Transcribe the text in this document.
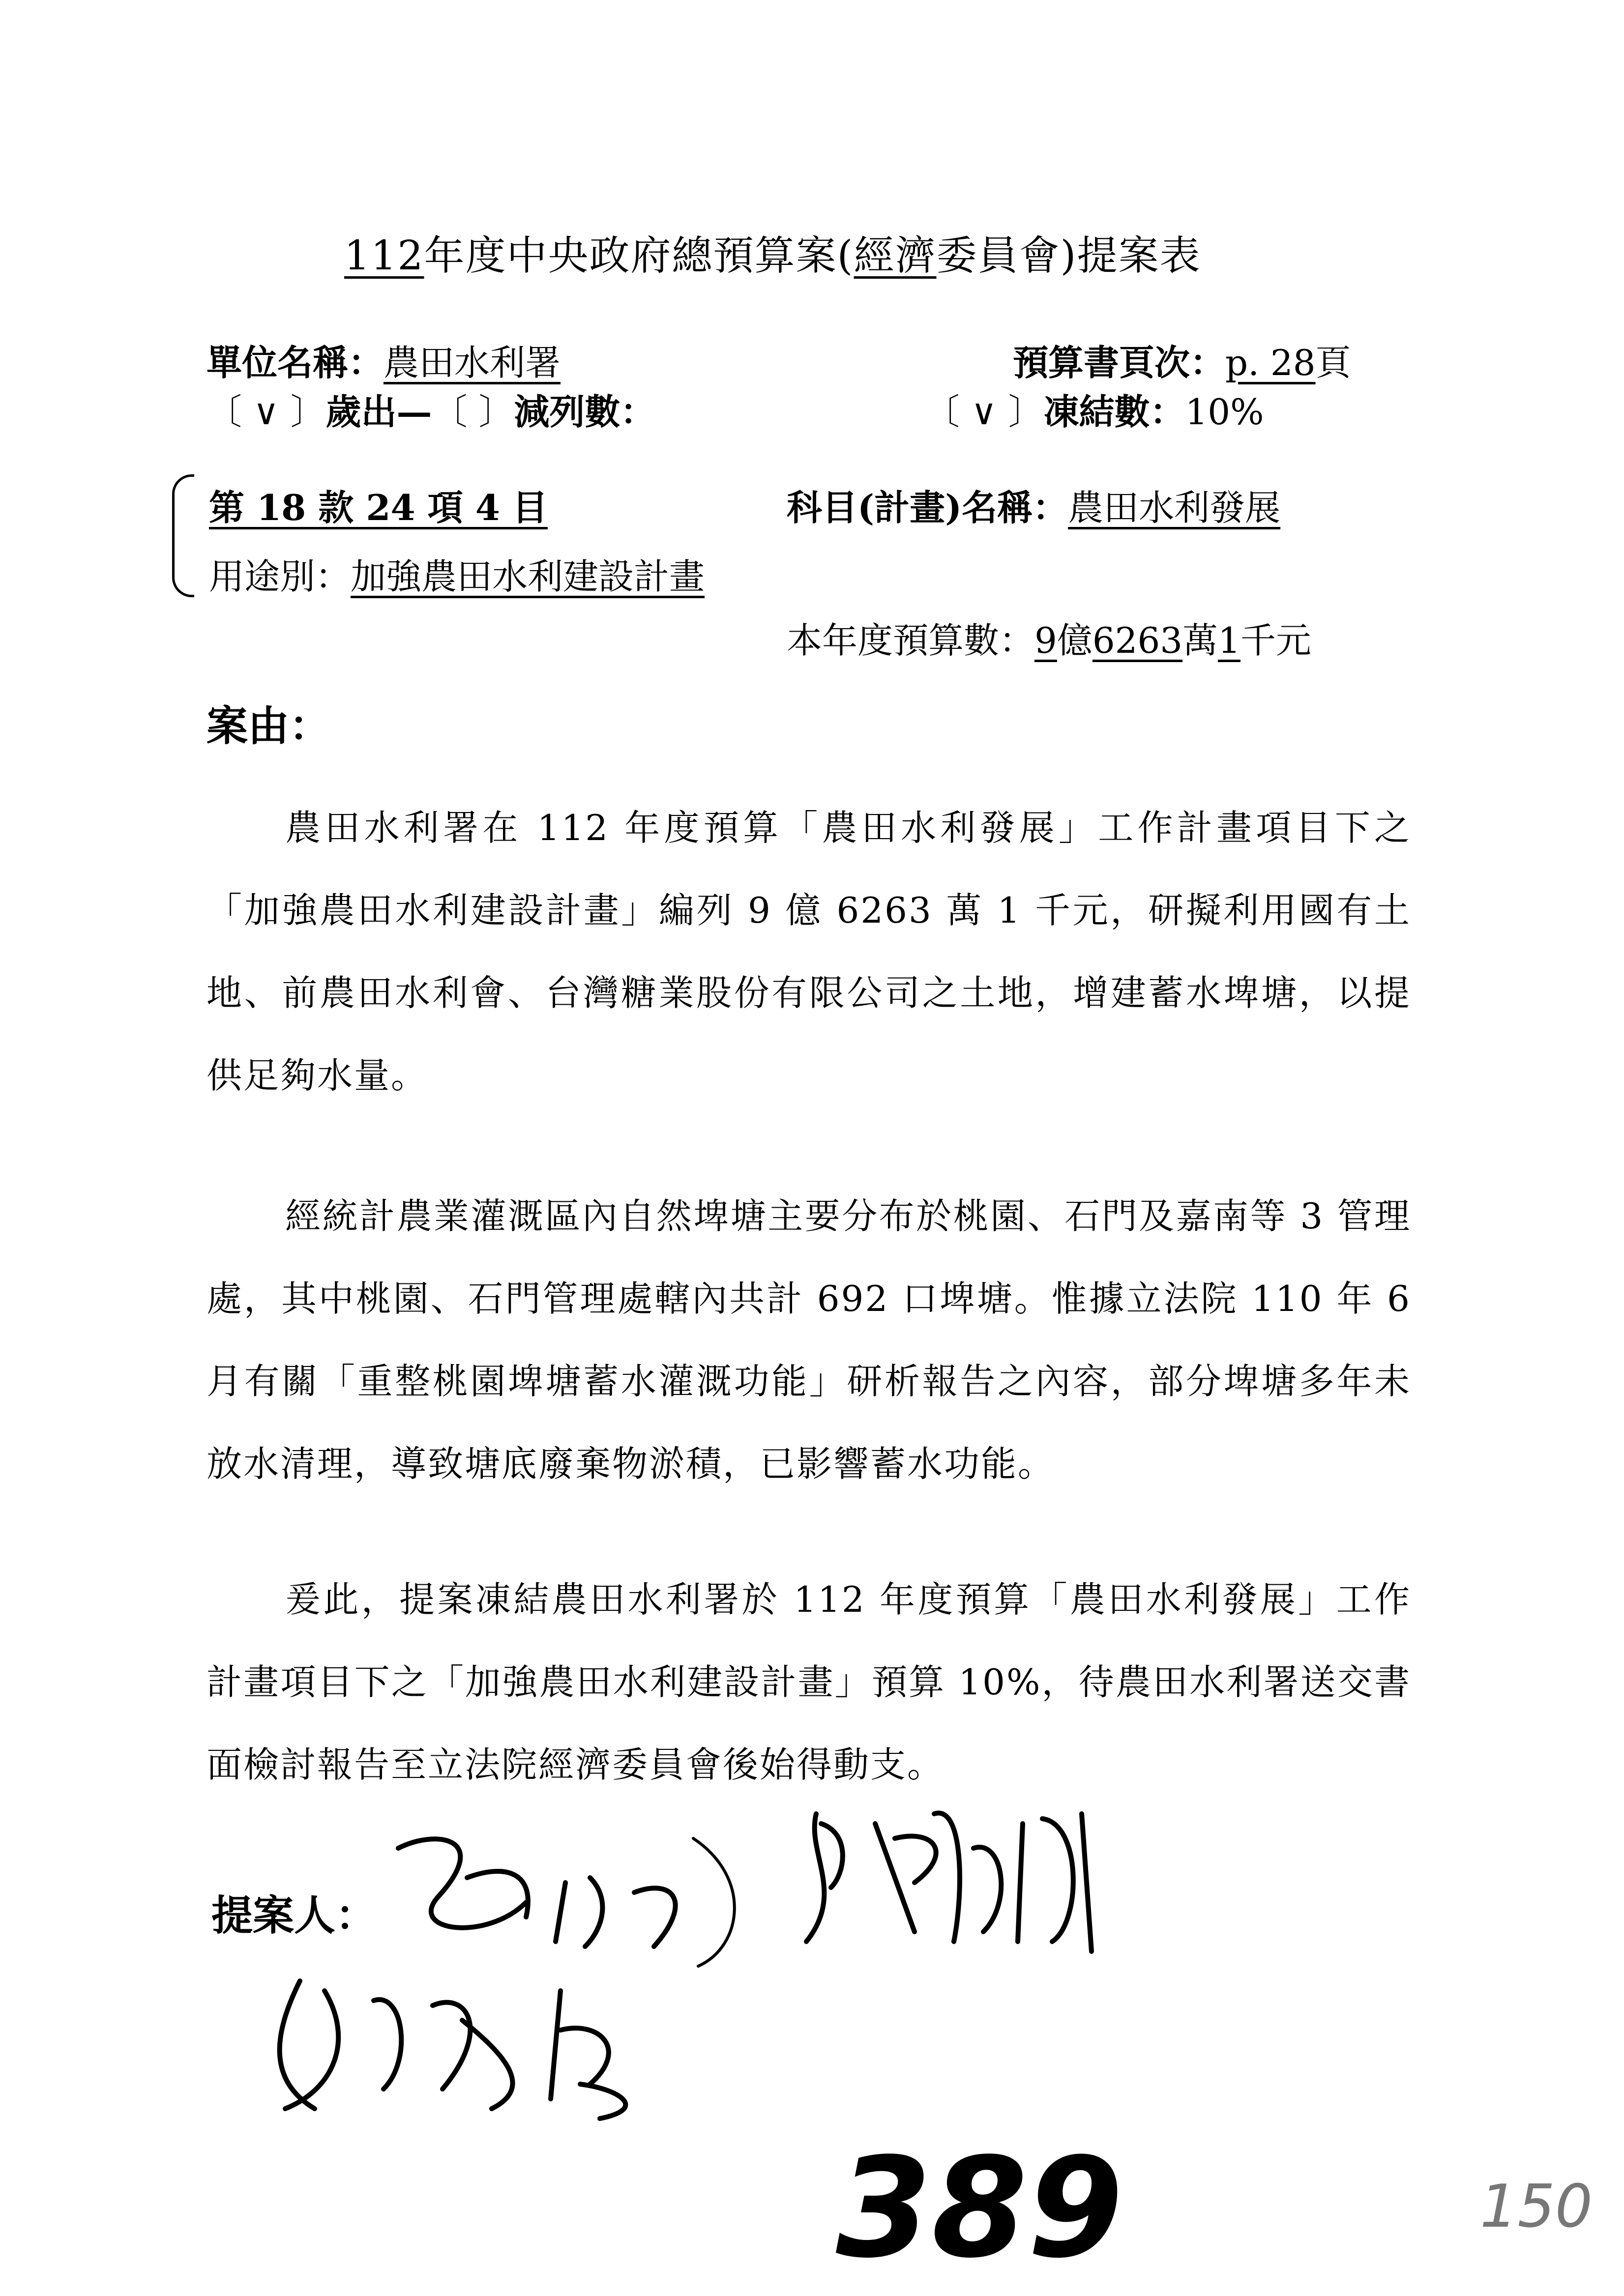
112年度中央政府總預算案(經濟委員會)提案表
單位名稱：農田水利署	預算書頁次：p. 28頁
〔 ∨ 〕歲出—〔 〕減列數：	〔 ∨ 〕凍結數：10%
第 18 款 24 項 4 目	科目(計畫)名稱：農田水利發展
用途別：加強農田水利建設計畫
本年度預算數：9億6263萬1千元
案由：
農田水利署在 112 年度預算「農田水利發展」工作計畫項目下之「加強農田水利建設計畫」編列 9 億 6263 萬 1 千元，研擬利用國有土地、前農田水利會、台灣糖業股份有限公司之土地，增建蓄水埤塘，以提供足夠水量。
經統計農業灌溉區內自然埤塘主要分布於桃園、石門及嘉南等 3 管理處，其中桃園、石門管理處轄內共計 692 口埤塘。惟據立法院 110 年 6 月有關「重整桃園埤塘蓄水灌溉功能」研析報告之內容，部分埤塘多年未放水清理，導致塘底廢棄物淤積，已影響蓄水功能。
爰此，提案凍結農田水利署於 112 年度預算「農田水利發展」工作計畫項目下之「加強農田水利建設計畫」預算 10%，待農田水利署送交書面檢討報告至立法院經濟委員會後始得動支。
提案人：
389	150
